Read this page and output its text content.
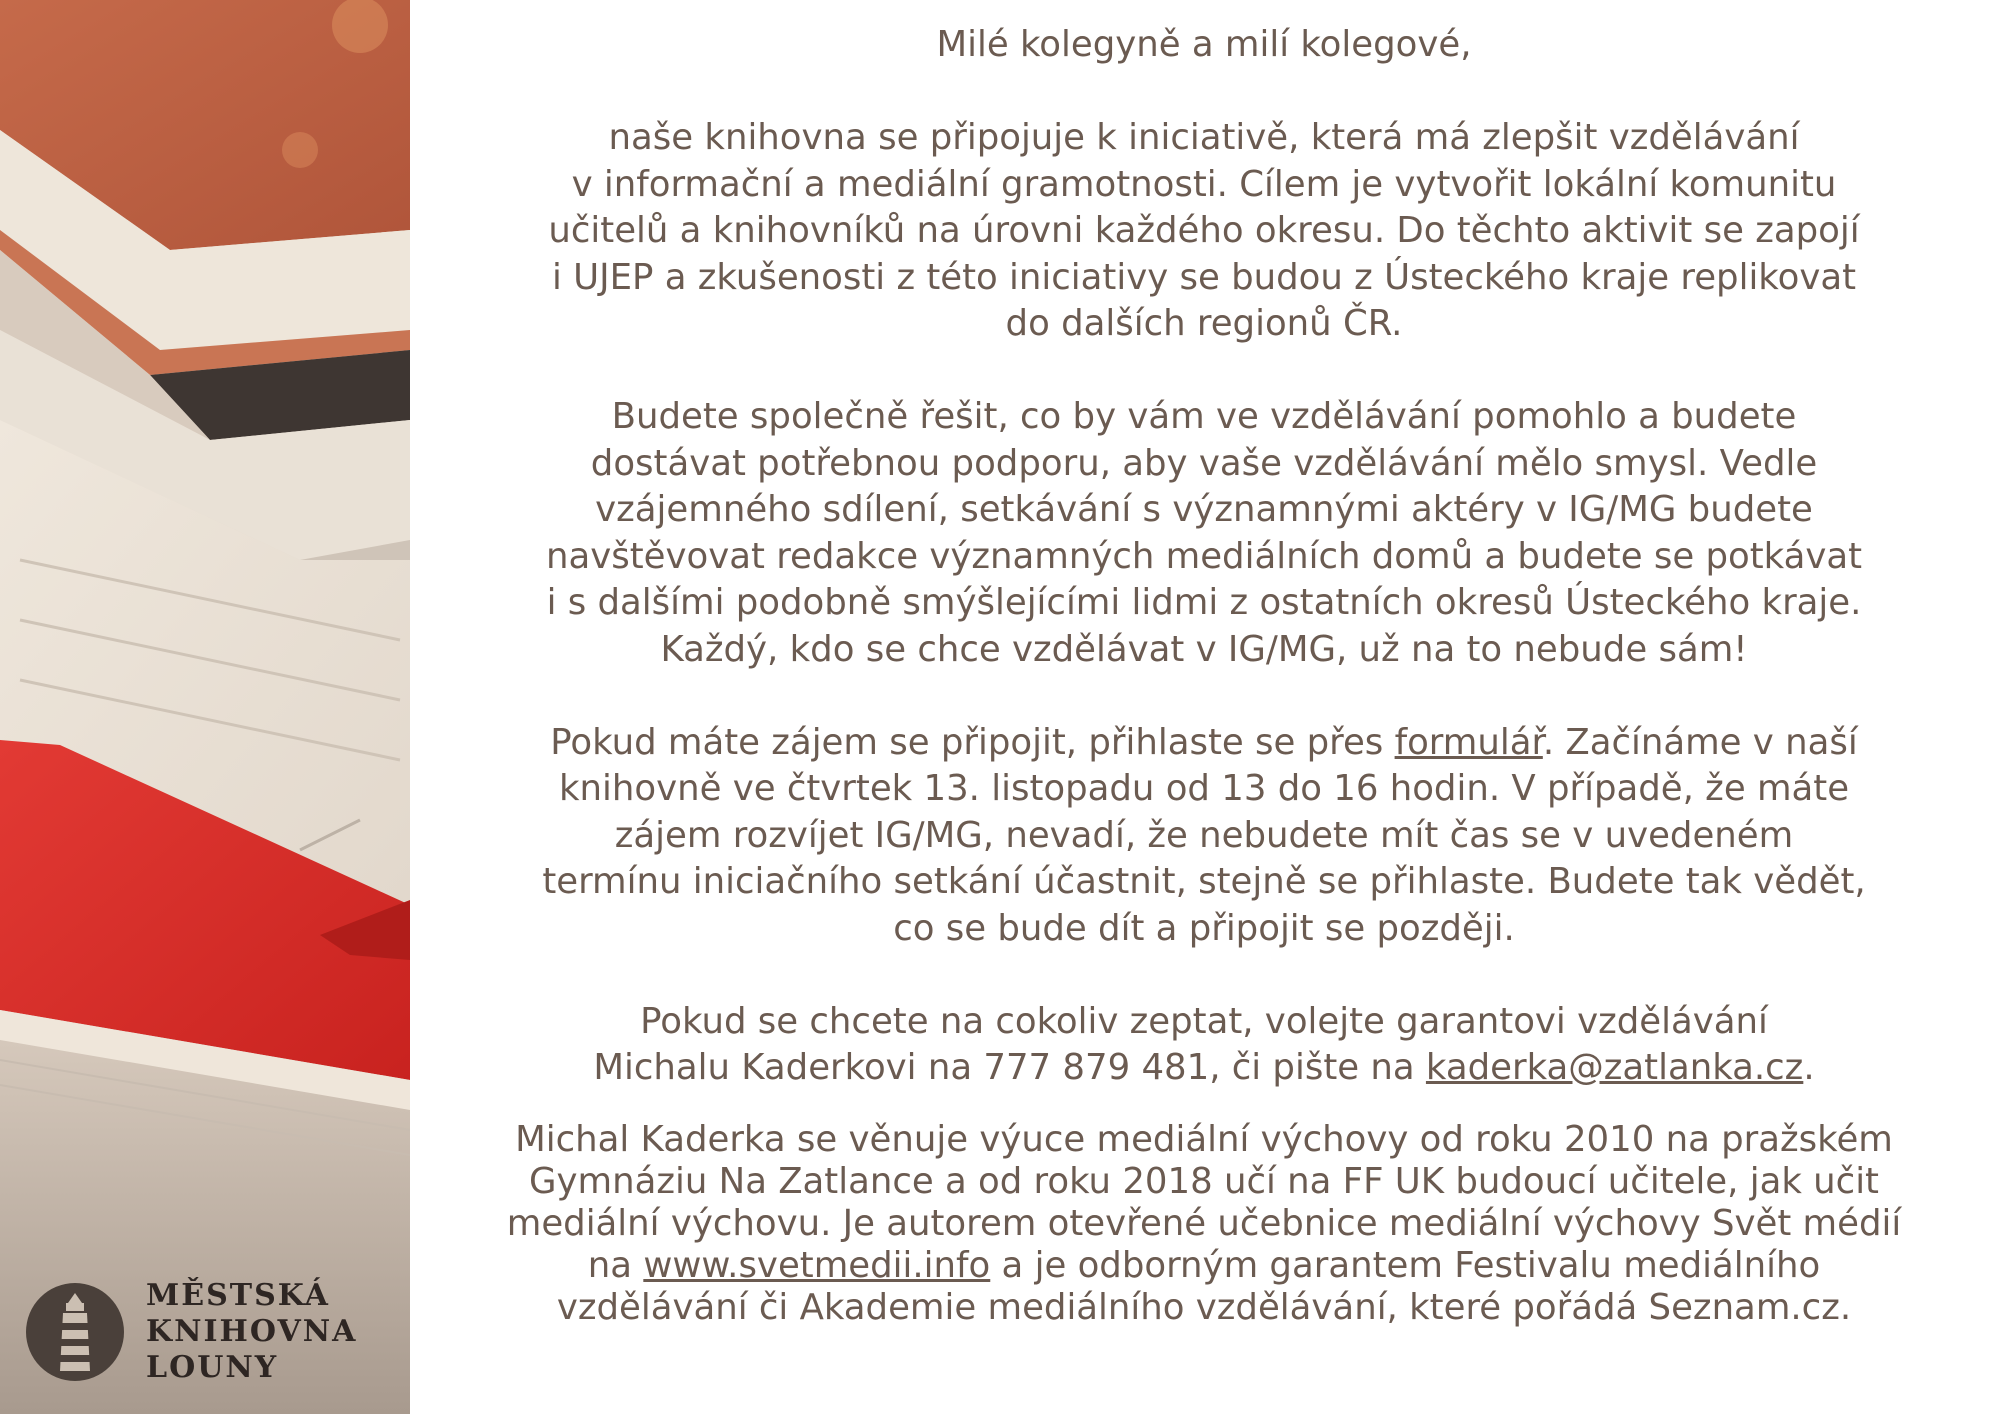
MĚSTSKÁ
KNIHOVNA
LOUNY
Milé kolegyně a milí kolegové,
naše knihovna se připojuje k iniciativě, která má zlepšit vzdělávání
v informační a mediální gramotnosti. Cílem je vytvořit lokální komunitu
učitelů a knihovníků na úrovni každého okresu. Do těchto aktivit se zapojí
i UJEP a zkušenosti z této iniciativy se budou z Ústeckého kraje replikovat
do dalších regionů ČR.
Budete společně řešit, co by vám ve vzdělávání pomohlo a budete
dostávat potřebnou podporu, aby vaše vzdělávání mělo smysl. Vedle
vzájemného sdílení, setkávání s významnými aktéry v IG/MG budete
navštěvovat redakce významných mediálních domů a budete se potkávat
i s dalšími podobně smýšlejícími lidmi z ostatních okresů Ústeckého kraje.
Každý, kdo se chce vzdělávat v IG/MG, už na to nebude sám!
Pokud máte zájem se připojit, přihlaste se přes formulář. Začínáme v naší
knihovně ve čtvrtek 13. listopadu od 13 do 16 hodin. V případě, že máte
zájem rozvíjet IG/MG, nevadí, že nebudete mít čas se v uvedeném
termínu iniciačního setkání účastnit, stejně se přihlaste. Budete tak vědět,
co se bude dít a připojit se později.
Pokud se chcete na cokoliv zeptat, volejte garantovi vzdělávání
Michalu Kaderkovi na 777 879 481, či pište na kaderka@zatlanka.cz.
Michal Kaderka se věnuje výuce mediální výchovy od roku 2010 na pražském
Gymnáziu Na Zatlance a od roku 2018 učí na FF UK budoucí učitele, jak učit
mediální výchovu. Je autorem otevřené učebnice mediální výchovy Svět médií
na www.svetmedii.info a je odborným garantem Festivalu mediálního
vzdělávání či Akademie mediálního vzdělávání, které pořádá Seznam.cz.
